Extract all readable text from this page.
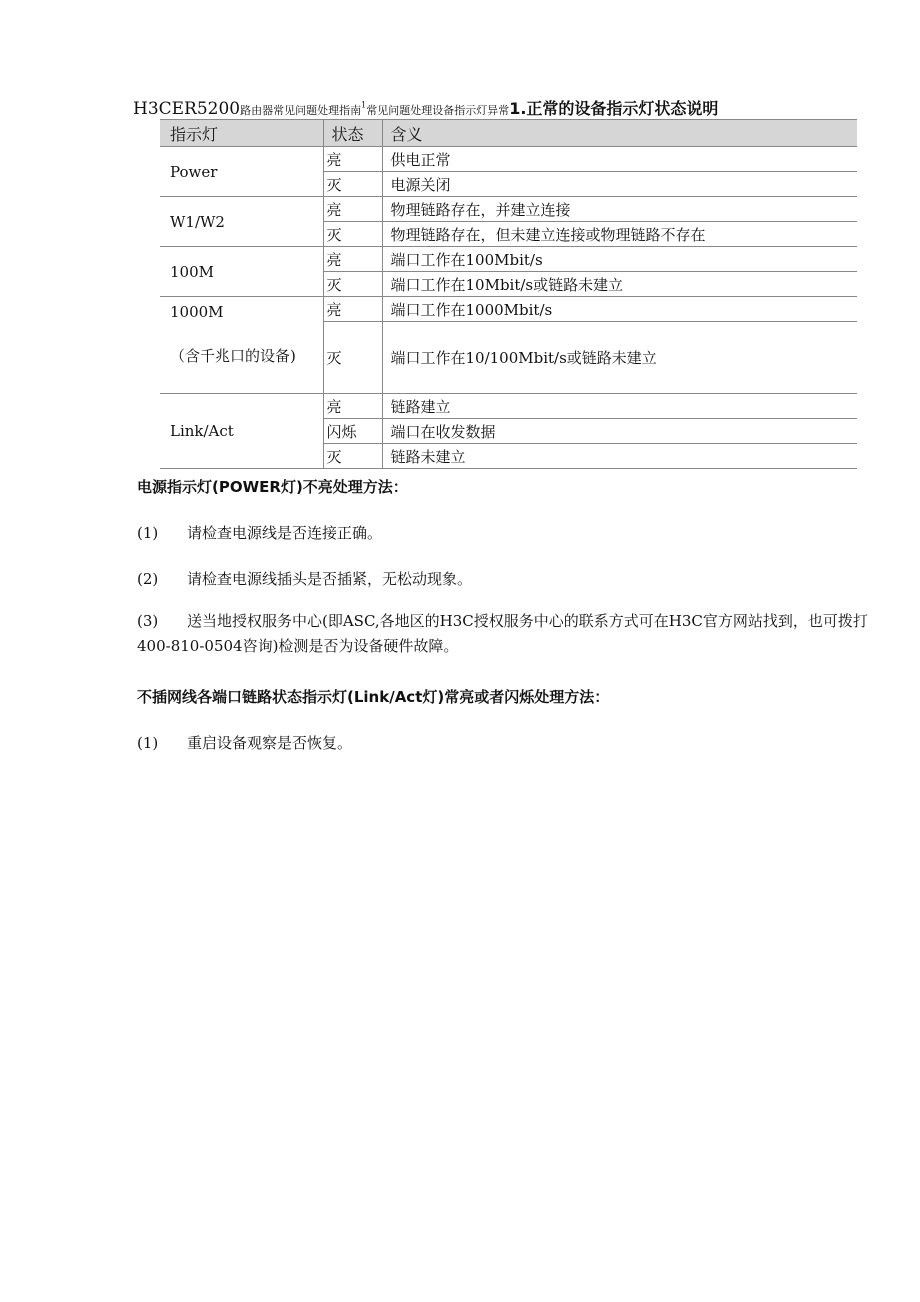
H3CER5200路由器常见问题处理指南$^1$常见问题处理设备指示灯异常1.正常的设备指示灯状态说明
指示灯	状态	含义
Power	亮	供电正常
	灭	电源关闭
W1/W2	亮	物理链路存在，并建立连接
	灭	物理链路存在，但未建立连接或物理链路不存在
100M	亮	端口工作在100Mbit/s
	灭	端口工作在10Mbit/s或链路未建立

1000M
（含千兆口的设备)	亮	端口工作在1000Mbit/s
	灭	端口工作在10/100Mbit/s或链路未建立
Link/Act	亮	链路建立
	闪烁	端口在收发数据
	灭	链路未建立
电源指示灯(POWER灯)不亮处理方法：
(1) 请检查电源线是否连接正确。
(2) 请检查电源线插头是否插紧，无松动现象。
(3) 送当地授权服务中心(即ASC,各地区的H3C授权服务中心的联系方式可在H3C官方网站找到，也可拨打400-810-0504咨询)检测是否为设备硬件故障。
不插网线各端口链路状态指示灯(Link/Act灯)常亮或者闪烁处理方法：
(1) 重启设备观察是否恢复。
